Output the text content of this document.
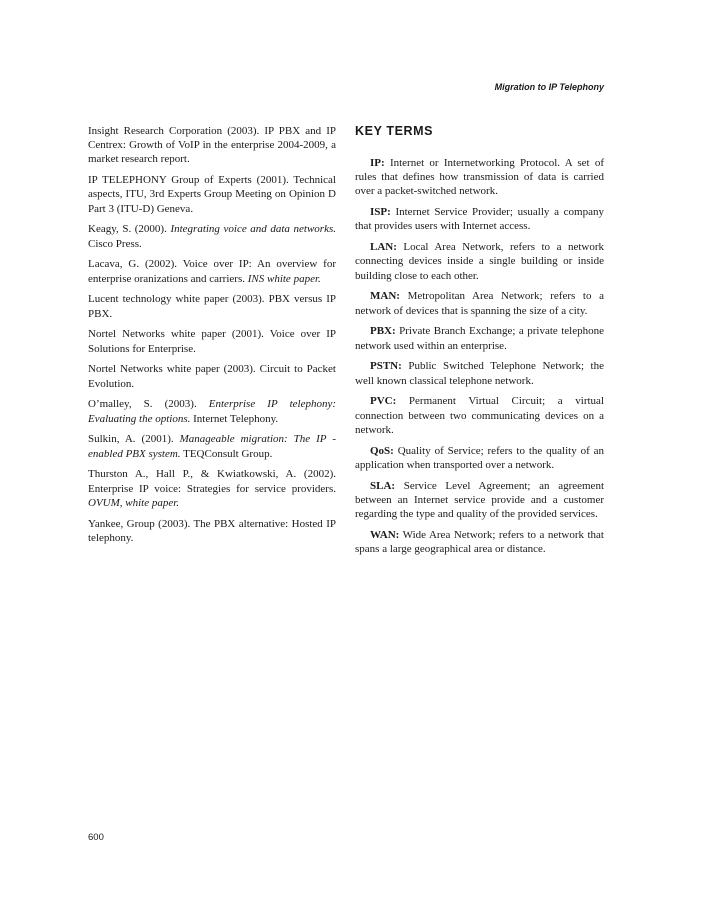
Migration to IP Telephony

Insight Research Corporation (2003). IP PBX and IP Centrex: Growth of VoIP in the enterprise 2004-2009, a market research report.

IP TELEPHONY Group of Experts (2001). Technical aspects, ITU, 3rd Experts Group Meeting on Opinion D Part 3 (ITU-D) Geneva.

Keagy, S. (2000). Integrating voice and data networks. Cisco Press.

Lacava, G. (2002). Voice over IP: An overview for enterprise oranizations and carriers. INS white paper.

Lucent technology white paper (2003). PBX versus IP PBX.

Nortel Networks white paper (2001). Voice over IP Solutions for Enterprise.

Nortel Networks white paper (2003). Circuit to Packet Evolution.

O’malley, S. (2003). Enterprise IP telephony: Evaluating the options. Internet Telephony.

Sulkin, A. (2001). Manageable migration: The IP -enabled PBX system. TEQConsult Group.

Thurston A., Hall P., & Kwiatkowski, A. (2002). Enterprise IP voice: Strategies for service providers. OVUM, white paper.

Yankee, Group (2003). The PBX alternative: Hosted IP telephony.

KEY TERMS

IP: Internet or Internetworking Protocol. A set of rules that defines how transmission of data is carried over a packet-switched network.

ISP: Internet Service Provider; usually a company that provides users with Internet access.

LAN: Local Area Network, refers to a network connecting devices inside a single building or inside building close to each other.

MAN: Metropolitan Area Network; refers to a network of devices that is spanning the size of a city.

PBX: Private Branch Exchange; a private telephone network used within an enterprise.

PSTN: Public Switched Telephone Network; the well known classical telephone network.

PVC: Permanent Virtual Circuit; a virtual connection between two communicating devices on a network.

QoS: Quality of Service; refers to the quality of an application when transported over a network.

SLA: Service Level Agreement; an agreement between an Internet service provide and a customer regarding the type and quality of the provided services.

WAN: Wide Area Network; refers to a network that spans a large geographical area or distance.

600
